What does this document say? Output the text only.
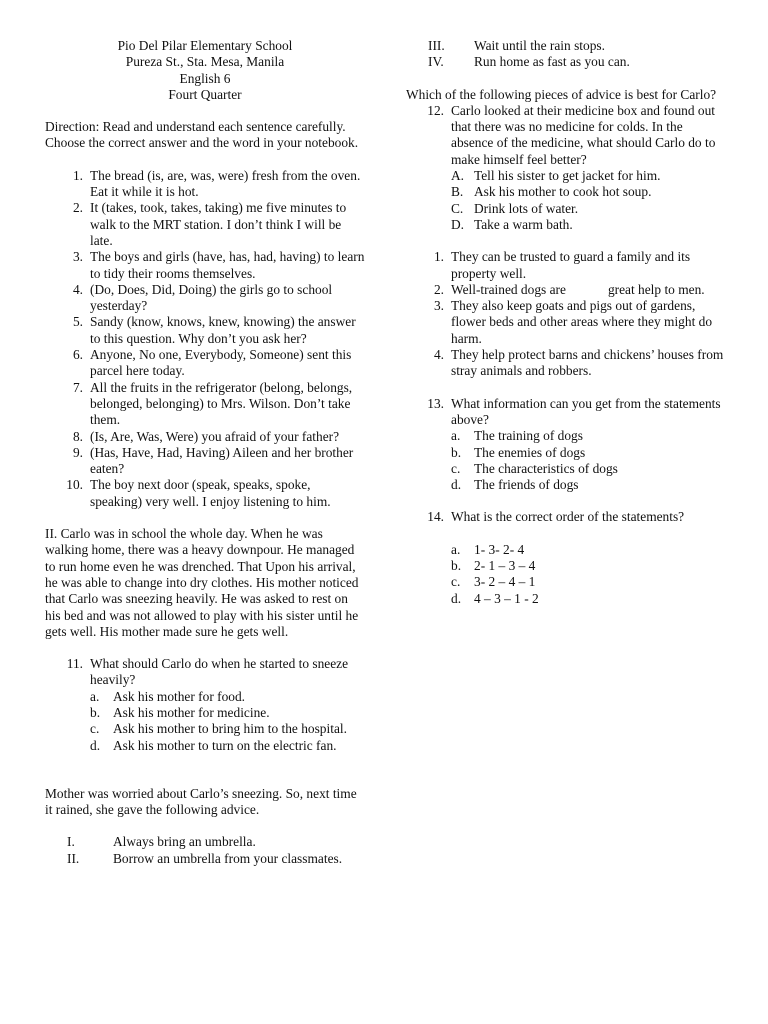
Pio Del Pilar Elementary School

Pureza St., Sta. Mesa, Manila

English 6

Fourt Quarter

Direction: Read and understand each sentence carefully. Choose the correct answer and the word in your notebook.

1. The bread (is, are, was, were) fresh from the oven. Eat it while it is hot.
2. It (takes, took, takes, taking) me five minutes to walk to the MRT station. I don’t think I will be late.
3. The boys and girls (have, has, had, having) to learn to tidy their rooms themselves.
4. (Do, Does, Did, Doing) the girls go to school yesterday?
5. Sandy (know, knows, knew, knowing) the answer to this question. Why don’t you ask her?
6. Anyone, No one, Everybody, Someone) sent this parcel here today.
7. All the fruits in the refrigerator (belong, belongs, belonged, belonging) to Mrs. Wilson. Don’t take them.
8. (Is, Are, Was, Were) you afraid of your father?
9. (Has, Have, Had, Having) Aileen and her brother eaten?
10. The boy next door (speak, speaks, spoke, speaking) very well. I enjoy listening to him.

II. Carlo was in school the whole day. When he was walking home, there was a heavy downpour. He managed to run home even he was drenched. That Upon his arrival, he was able to change into dry clothes. His mother noticed that Carlo was sneezing heavily. He was asked to rest on his bed and was not allowed to play with his sister until he gets well. His mother made sure he gets well.

11. What should Carlo do when he started to sneeze heavily?
a.	Ask his mother for food.
b. Ask his mother for medicine.
c.	Ask his mother to bring him to the hospital.
d. Ask his mother to turn on the electric fan.

Mother was worried about Carlo’s sneezing. So, next time it rained, she gave the following advice.

I.	Always bring an umbrella.
II.	Borrow an umbrella from your classmates.
III.	Wait until the rain stops.
IV.	Run home as fast as you can.

Which of the following pieces of advice is best for Carlo?

12. Carlo looked at their medicine box and found out that there was no medicine for colds. In the absence of the medicine, what should Carlo do to make himself feel better?
A. Tell his sister to get jacket for him.
B. Ask his mother to cook hot soup.
C. Drink lots of water.
D. Take a warm bath.
1. They can be trusted to guard a family and its property well.
2. Well-trained dogs are	great help to men.
3. They also keep goats and pigs out of gardens, flower beds and other areas where they might do harm.
4. They help protect barns and chickens’ houses from stray animals and robbers.
13. What information can you get from the statements above?
a.	The training of dogs
b. The enemies of dogs
c.	The characteristics of dogs
d. The friends of dogs
14. What is the correct order of the statements?
a.	1- 3- 2- 4
b. 2- 1 – 3 – 4
c.	3- 2 – 4 – 1
d. 4 – 3 – 1 - 2
